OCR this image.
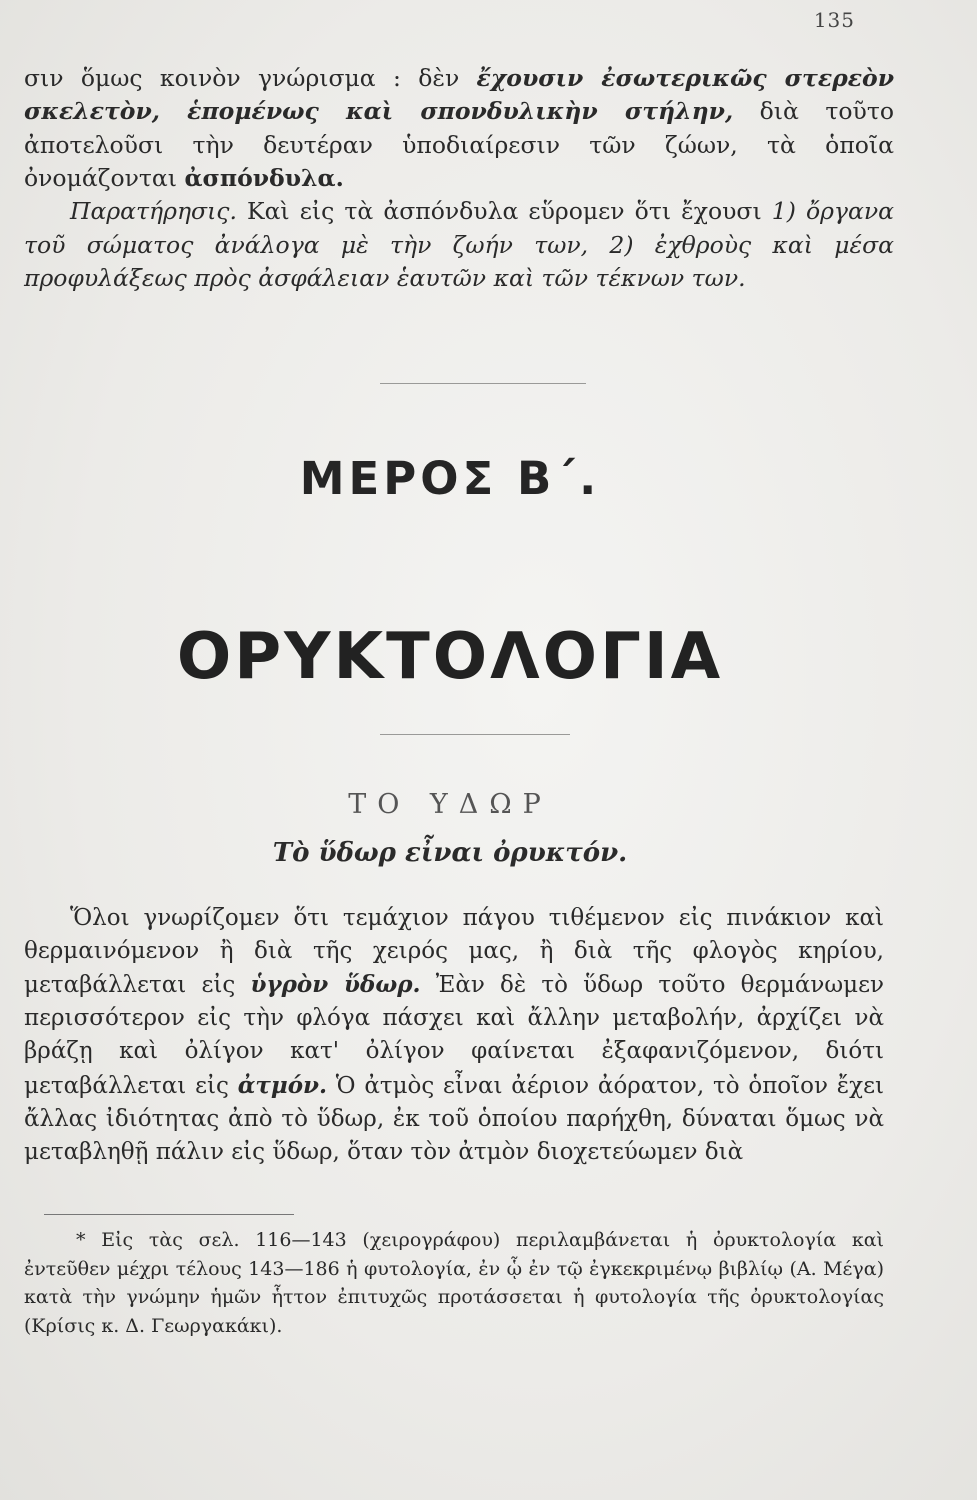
135

σιν ὅμως κοινὸν γνώρισμα : δὲν ἔχουσιν ἐσωτερικῶς στερεὸν σκελετὸν, ἑπομένως καὶ σπονδυλικὴν στήλην, διὰ τοῦτο ἀποτελοῦσι τὴν δευτέραν ὑποδιαίρεσιν τῶν ζώων, τὰ ὁποῖα ὀνομάζονται ἀσπόνδυλα.

Παρατήρησις. Καὶ εἰς τὰ ἀσπόνδυλα εὕρομεν ὅτι ἔχουσι 1) ὄργανα τοῦ σώματος ἀνάλογα μὲ τὴν ζωήν των, 2) ἐχθροὺς καὶ μέσα προφυλάξεως πρὸς ἀσφάλειαν ἑαυτῶν καὶ τῶν τέκνων των.

ΜΕΡΟΣ Β΄.
ΟΡΥΚΤΟΛΟΓΙΑ
ΤΟ ΥΔΩΡ
Τὸ ὕδωρ εἶναι ὀρυκτόν.

Ὅλοι γνωρίζομεν ὅτι τεμάχιον πάγου τιθέμενον εἰς πινάκιον καὶ θερμαινόμενον ἢ διὰ τῆς χειρός μας, ἢ διὰ τῆς φλογὸς κηρίου, μεταβάλλεται εἰς ὑγρὸν ὕδωρ. Ἐὰν δὲ τὸ ὕδωρ τοῦτο θερμάνωμεν περισσότερον εἰς τὴν φλόγα πάσχει καὶ ἄλλην μεταβολήν, ἀρχίζει νὰ βράζῃ καὶ ὀλίγον κατ' ὀλίγον φαίνεται ἐξαφανιζόμενον, διότι μεταβάλλεται εἰς ἀτμόν. Ὁ ἀτμὸς εἶναι ἀέριον ἀόρατον, τὸ ὁποῖον ἔχει ἄλλας ἰδιότητας ἀπὸ τὸ ὕδωρ, ἐκ τοῦ ὁποίου παρήχθη, δύναται ὅμως νὰ μεταβληθῇ πάλιν εἰς ὕδωρ, ὅταν τὸν ἀτμὸν διοχετεύωμεν διὰ

* Εἰς τὰς σελ. 116—143 (χειρογράφου) περιλαμβάνεται ἡ ὀρυκτολογία καὶ ἐντεῦθεν μέχρι τέλους 143—186 ἡ φυτολογία, ἐν ᾧ ἐν τῷ ἐγκεκριμένῳ βιβλίῳ (Α. Μέγα) κατὰ τὴν γνώμην ἡμῶν ἧττον ἐπιτυχῶς προτάσσεται ἡ φυτολογία τῆς ὀρυκτολογίας (Κρίσις κ. Δ. Γεωργακάκι).
